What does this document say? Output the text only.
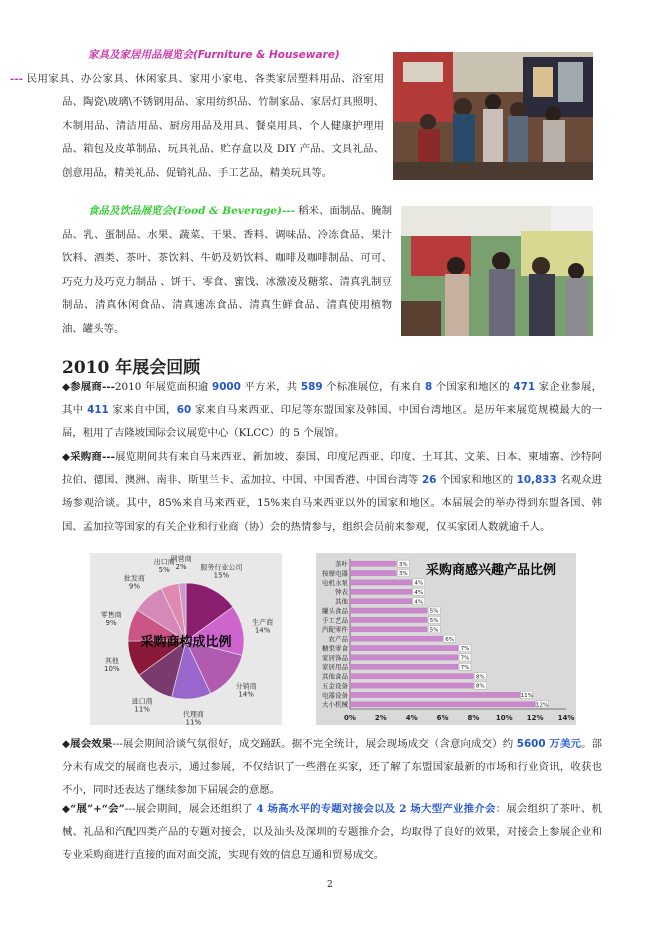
家具及家居用品展览会(Furniture & Houseware)
--- 民用家具、办公家具、休闲家具、家用小家电、各类家居塑料用品、浴室用品、陶瓷\玻璃\不锈钢用品、家用纺织品、竹制家品、家居灯具照明、木制用品、清洁用品、厨房用品及用具、餐桌用具、个人健康护理用品、箱包及皮革制品、玩具礼品、贮存盒以及 DIY 产品、文具礼品、创意用品，精美礼品、促销礼品、手工艺品，精美玩具等。
食品及饮品展览会(Food & Beverage)--- 稻米、面制品、腌制品、乳、蛋制品、水果、蔬菜、干果、香料、调味品、冷冻食品、果汁饮料、酒类、茶叶、茶饮料、牛奶及奶饮料、咖啡及咖啡制品、可可、巧克力及巧克力制品 、饼干、零食、蜜饯、冰激凌及糖浆、清真乳制豆制品、清真休闲食品、清真速冻食品、清真生鲜食品、清真使用植物油、罐头等。
2010 年展会回顾
◆参展商---2010 年展览面积逾 9000 平方米，共 589 个标准展位，有来自 8 个国家和地区的 471 家企业参展，其中 411 家来自中国，60 家来自马来西亚、印尼等东盟国家及韩国、中国台湾地区。是历年来展览规模最大的一届，租用了吉隆坡国际会议展览中心（KLCC）的 5 个展馆。
◆采购商---展览期间共有来自马来西亚、新加坡、泰国、印度尼西亚、印度、土耳其、文莱、日本、柬埔寨、沙特阿拉伯、德国、澳洲、南非、斯里兰卡、孟加拉、中国、中国香港、中国台湾等 26 个国家和地区的 10,833 名观众进场参观洽谈。其中，85%来自马来西亚，15%来自马来西亚以外的国家和地区。本届展会的举办得到东盟各国、韩国、孟加拉等国家的有关企业和行业商（协）会的热情参与，组织会员前来参观，仅买家团人数就逾千人。
服务行业公司
15%
生产商
14%
分销商
14%
代理商
11%
进口商
11%
其他
10%
零售商
9%
批发商
9%
出口商
5%
网营商
2%
采购商构成比例
0%	2%	4%	6%	8% 10% 12% 14%
茶叶	3%
按摩电器	3%
电机水泵	4%
钟表	4%
其他	4%
罐头食品	5%
手工艺品	5%
汽配零件	5%
农产品	6%
糖果零食	7%
家居饰品	7%
家居用品	7%
其他食品	8%
五金设备	8%
电器设备	11%
大小机械	12%
采购商感兴趣产品比例
◆展会效果---展会期间洽谈气氛很好，成交踊跃。据不完全统计，展会现场成交（含意向成交）约 5600 万美元。部分未有成交的展商也表示，通过参展，不仅结识了一些潜在买家，还了解了东盟国家最新的市场和行业资讯，收获也不小，同时还表达了继续参加下届展会的意愿。
◆“展”+“会”---展会期间，展会还组织了 4 场高水平的专题对接会以及 2 场大型产业推介会：展会组织了茶叶、机械、礼品和汽配四类产品的专题对接会，以及汕头及深圳的专题推介会，均取得了良好的效果，对接会上参展企业和专业采购商进行直接的面对面交流，实现有效的信息互通和贸易成交。
2
